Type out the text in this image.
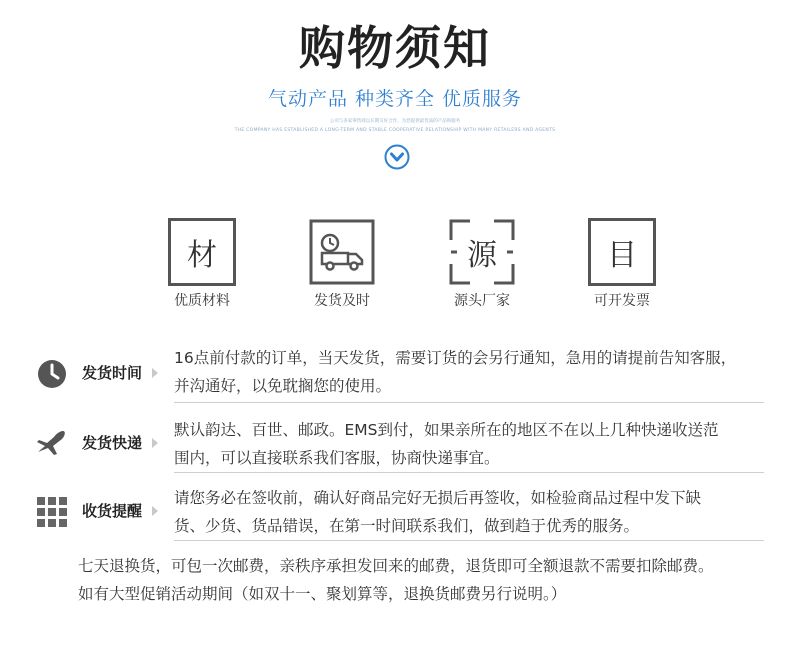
购物须知
气动产品 种类齐全 优质服务
公司与多家零售商以长期友好合作，为您提供最优质的产品和服务
THE COMPANY HAS ESTABLISHED A LONG-TERM AND STABLE COOPERATIVE RELATIONSHIP WITH MANY RETAILERS AND AGENTS
材
优质材料	发货及时
源
源头厂家
目
可开发票
发货时间
16点前付款的订单，当天发货，需要订货的会另行通知，急用的请提前告知客服，
并沟通好，以免耽搁您的使用。
发货快递
默认韵达、百世、邮政。EMS到付，如果亲所在的地区不在以上几种快递收送范
围内，可以直接联系我们客服，协商快递事宜。
收货提醒
请您务必在签收前，确认好商品完好无损后再签收，如检验商品过程中发下缺
货、少货、货品错误，在第一时间联系我们，做到趋于优秀的服务。
七天退换货，可包一次邮费，亲秩序承担发回来的邮费，退货即可全额退款不需要扣除邮费。
如有大型促销活动期间（如双十一、聚划算等，退换货邮费另行说明。）
